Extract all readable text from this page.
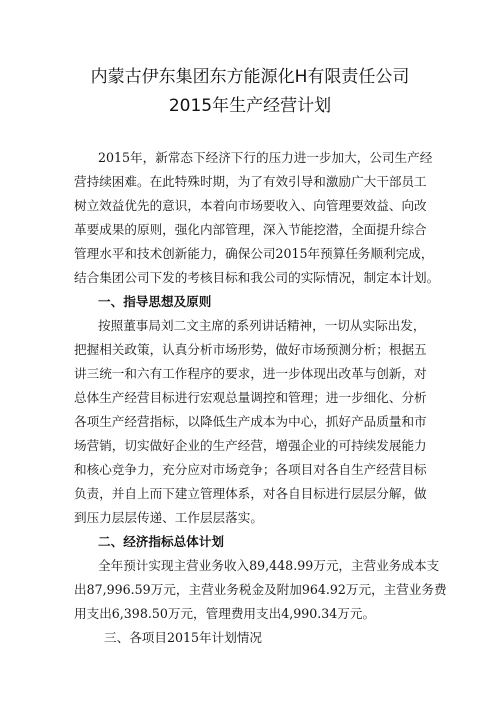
内蒙古伊东集团东方能源化H有限责任公司
2015年生产经营计划
2015年，新常态下经济下行的压力进一步加大，公司生产经
营持续困难。在此特殊时期，为了有效引导和激励广大干部员工
树立效益优先的意识，本着向市场要收入、向管理要效益、向改
革要成果的原则，强化内部管理，深入节能挖潜，全面提升综合
管理水平和技术创新能力，确保公司2015年预算任务顺利完成，
结合集团公司下发的考核目标和我公司的实际情况，制定本计划。
一、指导思想及原则
按照董事局刘二文主席的系列讲话精神，一切从实际出发，
把握相关政策，认真分析市场形势，做好市场预测分析；根据五
讲三统一和六有工作程序的要求，进一步体现出改革与创新，对
总体生产经营目标进行宏观总量调控和管理；进一步细化、分析
各项生产经营指标，以降低生产成本为中心，抓好产品质量和市
场营销，切实做好企业的生产经营，增强企业的可持续发展能力
和核心竞争力，充分应对市场竞争；各项目对各自生产经营目标
负责，并自上而下建立管理体系，对各自目标进行层层分解，做
到压力层层传递、工作层层落实。
二、经济指标总体计划
全年预计实现主营业务收入89,448.99万元，主营业务成本支
出87,996.59万元，主营业务税金及附加964.92万元，主营业务费
用支出6,398.50万元，管理费用支出4,990.34万元。
三、各项目2015年计划情况
